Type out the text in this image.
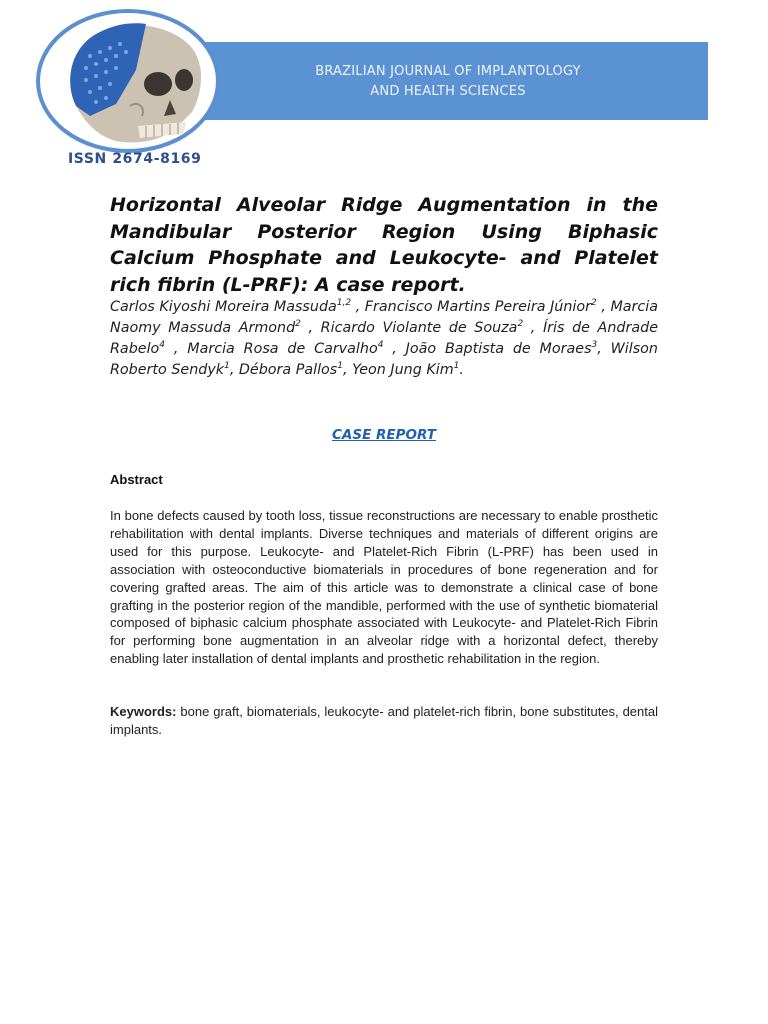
BRAZILIAN JOURNAL OF IMPLANTOLOGY
AND HEALTH SCIENCES
ISSN 2674-8169
Horizontal Alveolar Ridge Augmentation in the Mandibular Posterior Region Using Biphasic Calcium Phosphate and Leukocyte- and Platelet rich fibrin (L-PRF): A case report.

Carlos Kiyoshi Moreira Massuda$^{1,2}$ , Francisco Martins Pereira Júnior$^2$ , Marcia Naomy Massuda Armond$^2$ , Ricardo Violante de Souza$^2$ , Íris de Andrade Rabelo$^4$ , Marcia Rosa de Carvalho$^4$ , João Baptista de Moraes$^3$, Wilson Roberto Sendyk$^1$, Débora Pallos$^1$, Yeon Jung Kim$^1$.

CASE REPORT
Abstract

In bone defects caused by tooth loss, tissue reconstructions are necessary to enable prosthetic rehabilitation with dental implants. Diverse techniques and materials of different origins are used for this purpose. Leukocyte- and Platelet-Rich Fibrin (L-PRF) has been used in association with osteoconductive biomaterials in procedures of bone regeneration and for covering grafted areas. The aim of this article was to demonstrate a clinical case of bone grafting in the posterior region of the mandible, performed with the use of synthetic biomaterial composed of biphasic calcium phosphate associated with Leukocyte- and Platelet-Rich Fibrin for performing bone augmentation in an alveolar ridge with a horizontal defect, thereby enabling later installation of dental implants and prosthetic rehabilitation in the region.

Keywords: bone graft, biomaterials, leukocyte- and platelet-rich fibrin, bone substitutes, dental implants.
